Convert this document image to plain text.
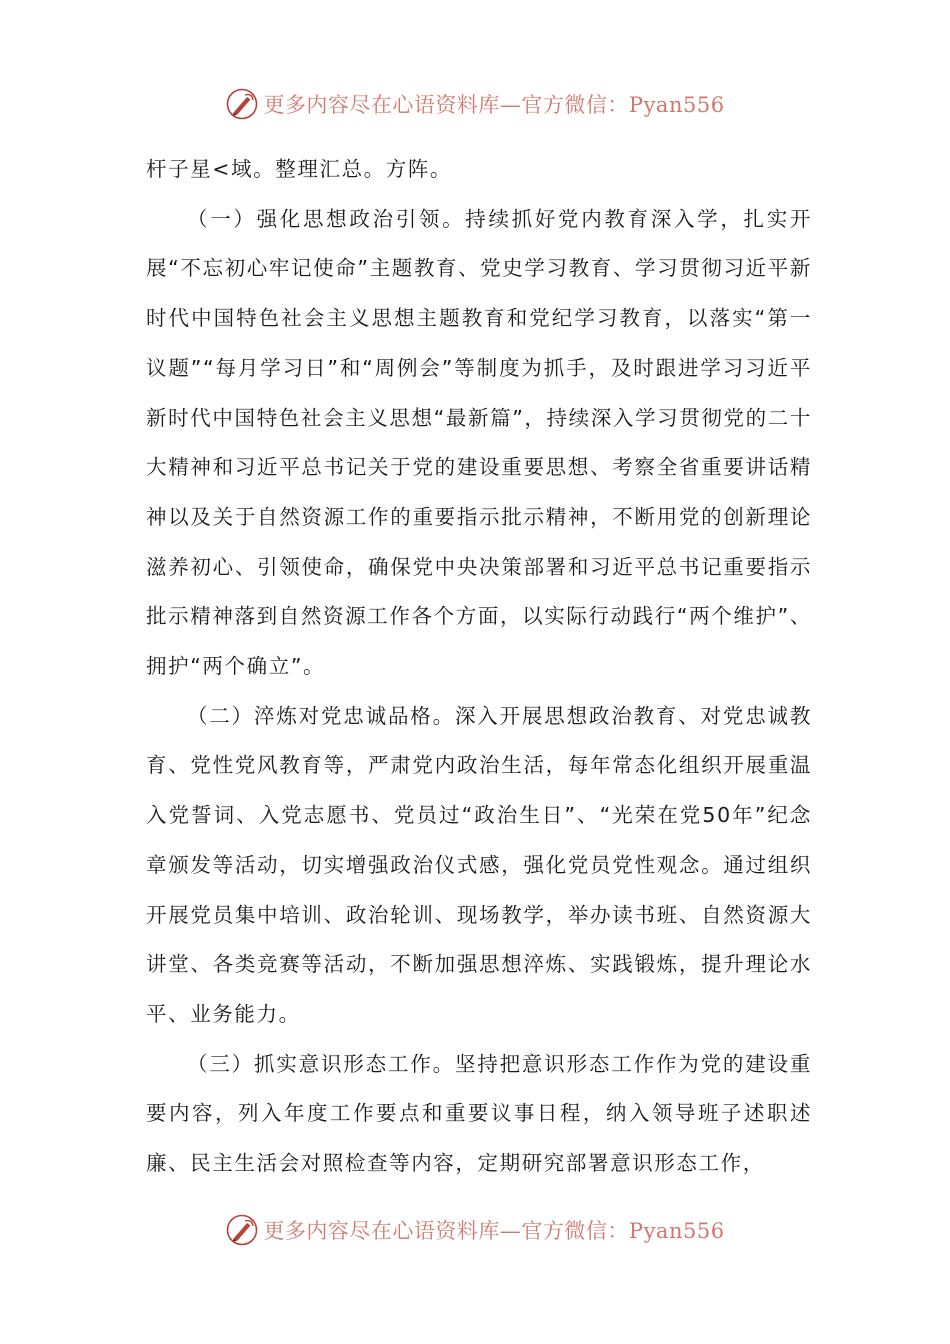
更多内容尽在心语资料库—官方微信：Pyan556

杆子星<域。整理汇总。方阵。

（一）强化思想政治引领。持续抓好党内教育深入学，扎实开展“不忘初心牢记使命”主题教育、党史学习教育、学习贯彻习近平新时代中国特色社会主义思想主题教育和党纪学习教育，以落实“第一议题”“每月学习日”和“周例会”等制度为抓手，及时跟进学习习近平新时代中国特色社会主义思想“最新篇”，持续深入学习贯彻党的二十大精神和习近平总书记关于党的建设重要思想、考察全省重要讲话精神以及关于自然资源工作的重要指示批示精神，不断用党的创新理论滋养初心、引领使命，确保党中央决策部署和习近平总书记重要指示批示精神落到自然资源工作各个方面，以实际行动践行“两个维护”、拥护“两个确立”。

（二）淬炼对党忠诚品格。深入开展思想政治教育、对党忠诚教育、党性党风教育等，严肃党内政治生活，每年常态化组织开展重温入党誓词、入党志愿书、党员过“政治生日”、“光荣在党50年”纪念章颁发等活动，切实增强政治仪式感，强化党员党性观念。通过组织开展党员集中培训、政治轮训、现场教学，举办读书班、自然资源大讲堂、各类竞赛等活动，不断加强思想淬炼、实践锻炼，提升理论水平、业务能力。

（三）抓实意识形态工作。坚持把意识形态工作作为党的建设重要内容，列入年度工作要点和重要议事日程，纳入领导班子述职述廉、民主生活会对照检查等内容，定期研究部署意识形态工作，

更多内容尽在心语资料库—官方微信：Pyan556
